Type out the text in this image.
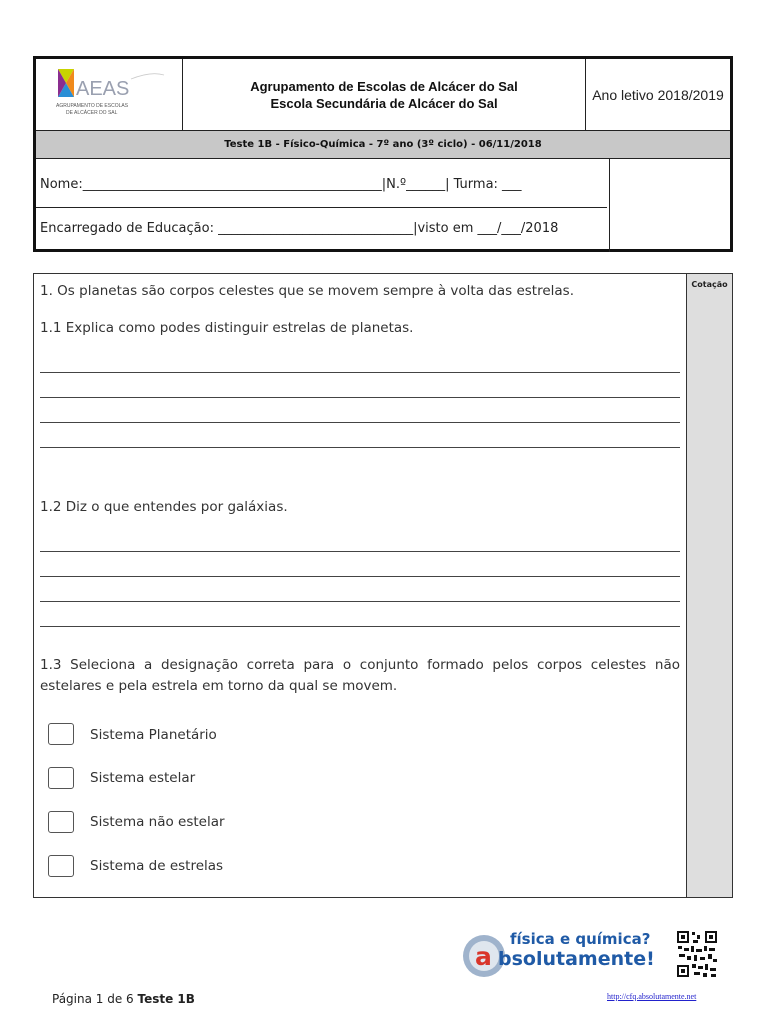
AEAS
AGRUPAMENTO DE ESCOLAS
DE ALCÁCER DO SAL
Agrupamento de Escolas de Alcácer do Sal
Escola Secundária de Alcácer do Sal
Ano letivo 2018/2019
Teste 1B - Físico-Química - 7º ano (3º ciclo) - 06/11/2018
Nome:______________________________________________|N.º______| Turma: ___
Encarregado de Educação: ______________________________|visto em ___/___/2018
Cotação
1. Os planetas são corpos celestes que se movem sempre à volta das estrelas.
1.1 Explica como podes distinguir estrelas de planetas.
1.2 Diz o que entendes por galáxias.
1.3 Seleciona a designação correta para o conjunto formado pelos corpos celestes não
estelares e pela estrela em torno da qual se movem.
Sistema Planetário
Sistema estelar
Sistema não estelar
Sistema de estrelas
a
física e química?
bsolutamente!
Página 1 de 6 Teste 1B	http://cfq.absolutamente.net
